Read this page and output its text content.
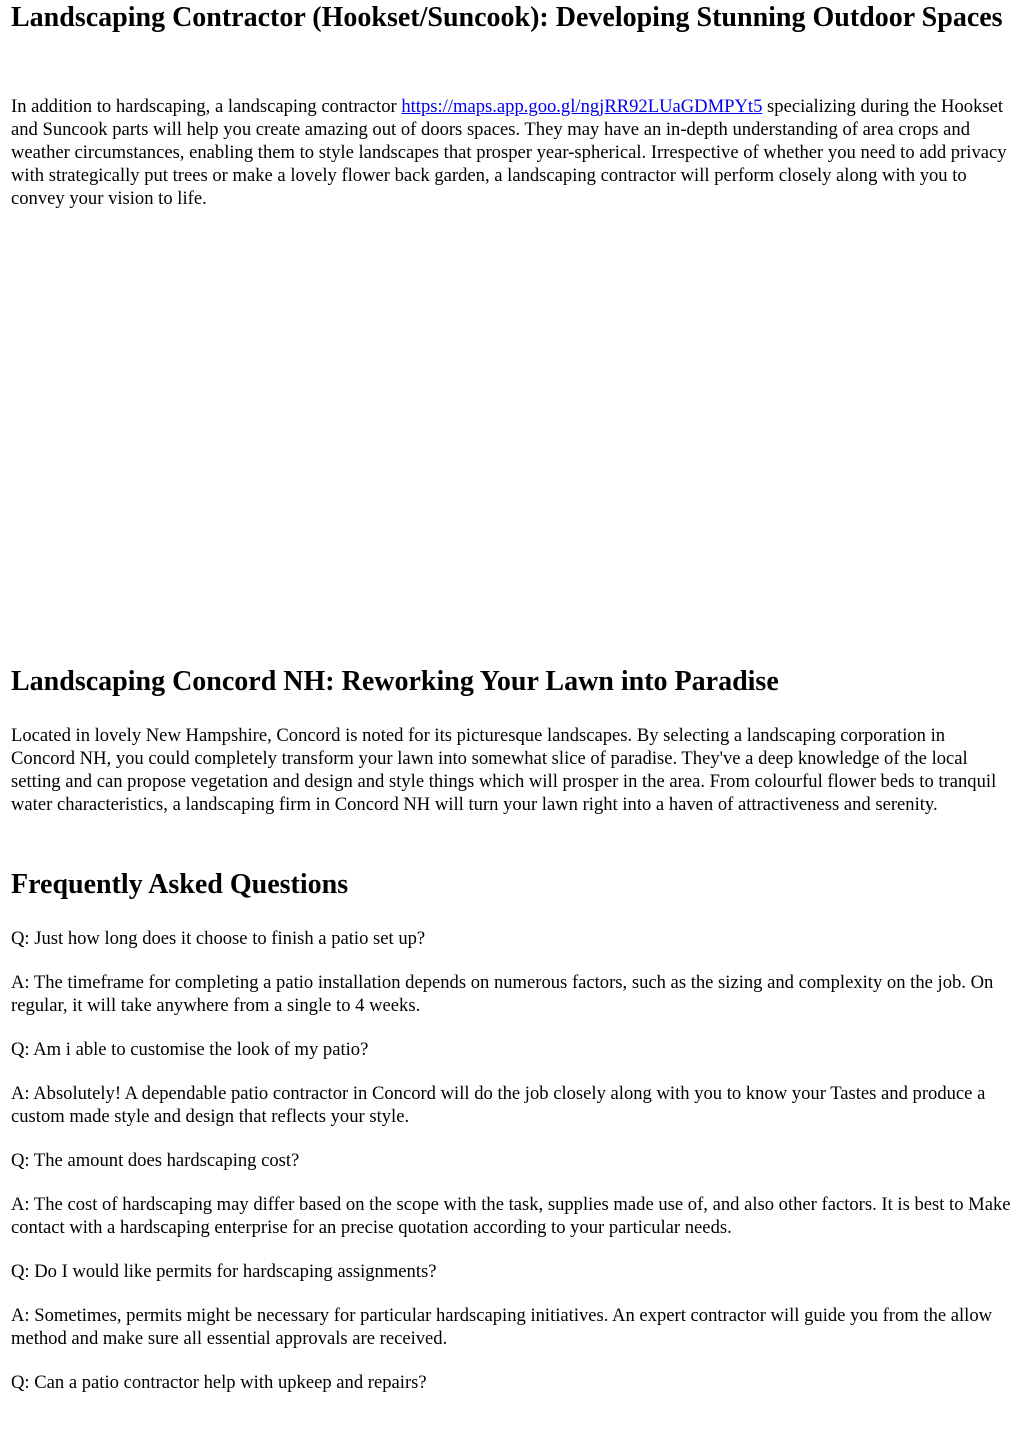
Landscaping Contractor (Hookset/Suncook): Developing Stunning Outdoor Spaces

In addition to hardscaping, a landscaping contractor https://maps.app.goo.gl/ngjRR92LUaGDMPYt5 specializing during the Hookset and Suncook parts will help you create amazing out of doors spaces. They may have an in-depth understanding of area crops and weather circumstances, enabling them to style landscapes that prosper year-spherical. Irrespective of whether you need to add privacy with strategically put trees or make a lovely flower back garden, a landscaping contractor will perform closely along with you to convey your vision to life.

Landscaping Concord NH: Reworking Your Lawn into Paradise

Located in lovely New Hampshire, Concord is noted for its picturesque landscapes. By selecting a landscaping corporation in Concord NH, you could completely transform your lawn into somewhat slice of paradise. They've a deep knowledge of the local setting and can propose vegetation and design and style things which will prosper in the area. From colourful flower beds to tranquil water characteristics, a landscaping firm in Concord NH will turn your lawn right into a haven of attractiveness and serenity.

Frequently Asked Questions

Q: Just how long does it choose to finish a patio set up?

A: The timeframe for completing a patio installation depends on numerous factors, such as the sizing and complexity on the job. On regular, it will take anywhere from a single to 4 weeks.

Q: Am i able to customise the look of my patio?

A: Absolutely! A dependable patio contractor in Concord will do the job closely along with you to know your Tastes and produce a custom made style and design that reflects your style.

Q: The amount does hardscaping cost?

A: The cost of hardscaping may differ based on the scope with the task, supplies made use of, and also other factors. It is best to Make contact with a hardscaping enterprise for an precise quotation according to your particular needs.

Q: Do I would like permits for hardscaping assignments?

A: Sometimes, permits might be necessary for particular hardscaping initiatives. An expert contractor will guide you from the allow method and make sure all essential approvals are received.

Q: Can a patio contractor help with upkeep and repairs?
